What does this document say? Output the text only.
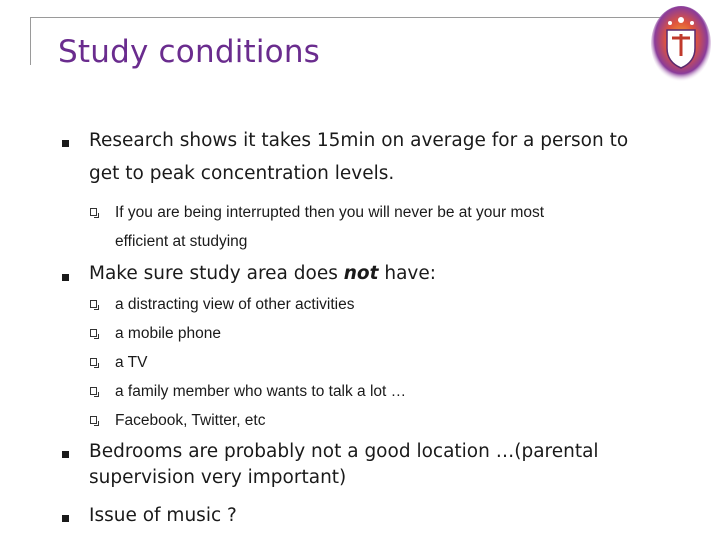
Study conditions
Research shows it takes 15min on average for a person to
get to peak concentration levels.
If you are being interrupted then you will never be at your most
efficient at studying
Make sure study area does not have:
a distracting view of other activities
a mobile phone
a TV
a family member who wants to talk a lot …
Facebook, Twitter, etc
Bedrooms are probably not a good location …(parental
supervision very important)
Issue of music ?
